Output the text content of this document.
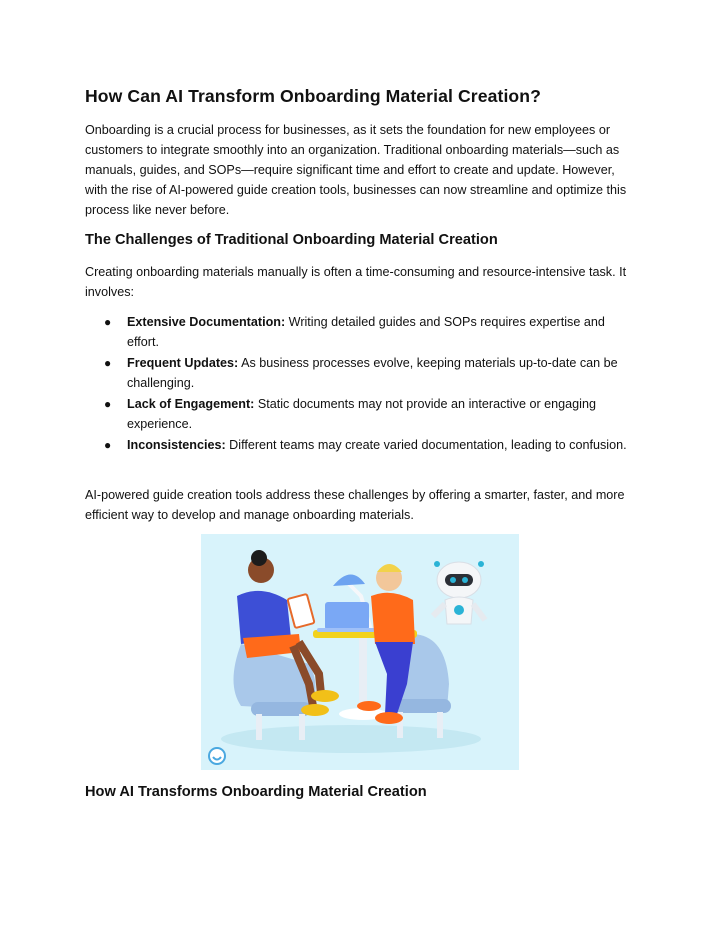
How Can AI Transform Onboarding Material Creation?

Onboarding is a crucial process for businesses, as it sets the foundation for new employees or customers to integrate smoothly into an organization. Traditional onboarding materials—such as manuals, guides, and SOPs—require significant time and effort to create and update. However, with the rise of AI-powered guide creation tools, businesses can now streamline and optimize this process like never before.

The Challenges of Traditional Onboarding Material Creation

Creating onboarding materials manually is often a time-consuming and resource-intensive task. It involves:

● Extensive Documentation: Writing detailed guides and SOPs requires expertise and effort.
● Frequent Updates: As business processes evolve, keeping materials up-to-date can be challenging.
● Lack of Engagement: Static documents may not provide an interactive or engaging experience.
● Inconsistencies: Different teams may create varied documentation, leading to confusion.

AI-powered guide creation tools address these challenges by offering a smarter, faster, and more efficient way to develop and manage onboarding materials.

How AI Transforms Onboarding Material Creation
